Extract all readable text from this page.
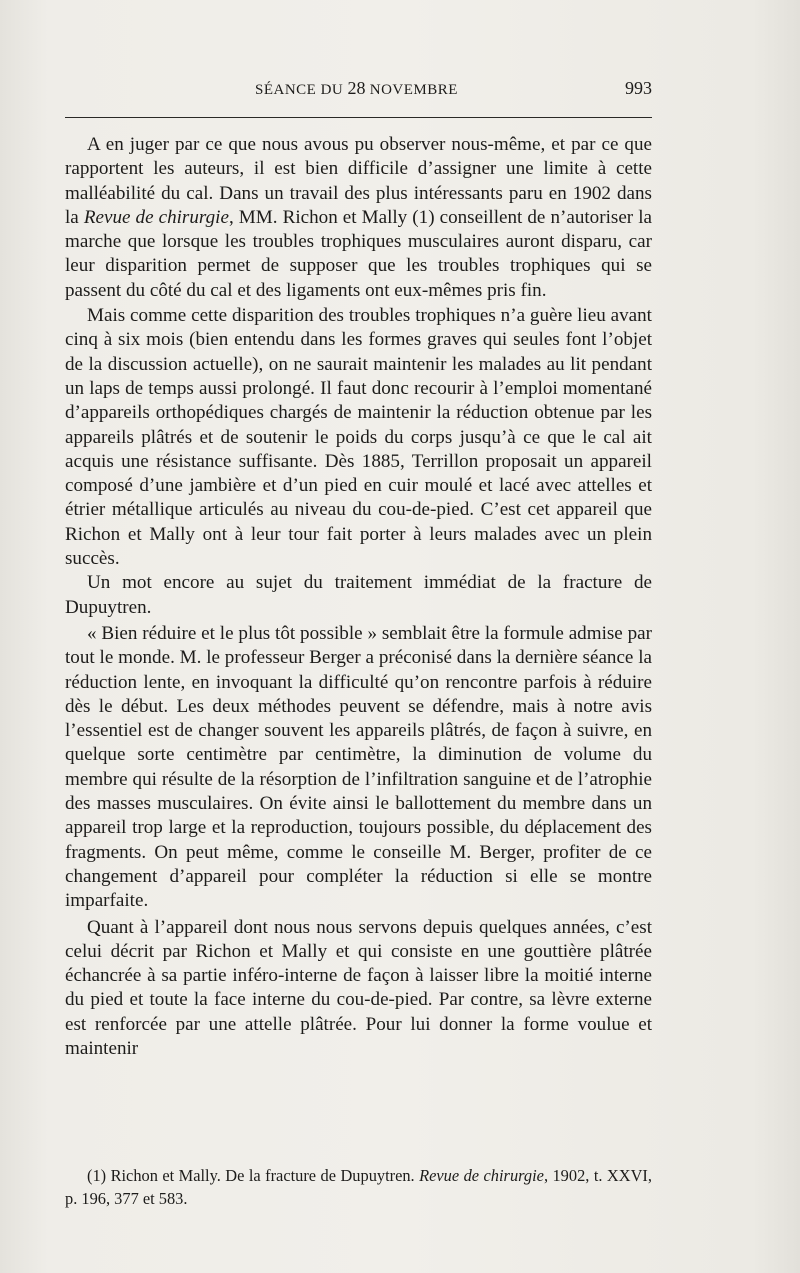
SÉANCE DU 28 NOVEMBRE	993

A en juger par ce que nous avous pu observer nous-même, et par ce que rapportent les auteurs, il est bien difficile d’assigner une limite à cette malléabilité du cal. Dans un travail des plus intéressants paru en 1902 dans la Revue de chirurgie, MM. Richon et Mally (1) conseillent de n’autoriser la marche que lorsque les troubles trophiques musculaires auront disparu, car leur disparition permet de supposer que les troubles trophiques qui se passent du côté du cal et des ligaments ont eux-mêmes pris fin.

Mais comme cette disparition des troubles trophiques n’a guère lieu avant cinq à six mois (bien entendu dans les formes graves qui seules font l’objet de la discussion actuelle), on ne saurait maintenir les malades au lit pendant un laps de temps aussi prolongé. Il faut donc recourir à l’emploi momentané d’appareils orthopédiques chargés de maintenir la réduction obtenue par les appareils plâtrés et de soutenir le poids du corps jusqu’à ce que le cal ait acquis une résistance suffisante. Dès 1885, Terrillon proposait un appareil composé d’une jambière et d’un pied en cuir moulé et lacé avec attelles et étrier métallique articulés au niveau du cou-de-pied. C’est cet appareil que Richon et Mally ont à leur tour fait porter à leurs malades avec un plein succès.

Un mot encore au sujet du traitement immédiat de la fracture de Dupuytren.

« Bien réduire et le plus tôt possible » semblait être la formule admise par tout le monde. M. le professeur Berger a préconisé dans la dernière séance la réduction lente, en invoquant la difficulté qu’on rencontre parfois à réduire dès le début. Les deux méthodes peuvent se défendre, mais à notre avis l’essentiel est de changer souvent les appareils plâtrés, de façon à suivre, en quelque sorte centimètre par centimètre, la diminution de volume du membre qui résulte de la résorption de l’infiltration sanguine et de l’atrophie des masses musculaires. On évite ainsi le ballottement du membre dans un appareil trop large et la reproduction, toujours possible, du déplacement des fragments. On peut même, comme le conseille M. Berger, profiter de ce changement d’appareil pour compléter la réduction si elle se montre imparfaite.

Quant à l’appareil dont nous nous servons depuis quelques années, c’est celui décrit par Richon et Mally et qui consiste en une gouttière plâtrée échancrée à sa partie inféro-interne de façon à laisser libre la moitié interne du pied et toute la face interne du cou-de-pied. Par contre, sa lèvre externe est renforcée par une attelle plâtrée. Pour lui donner la forme voulue et maintenir

(1) Richon et Mally. De la fracture de Dupuytren. Revue de chirurgie, 1902, t. XXVI, p. 196, 377 et 583.
